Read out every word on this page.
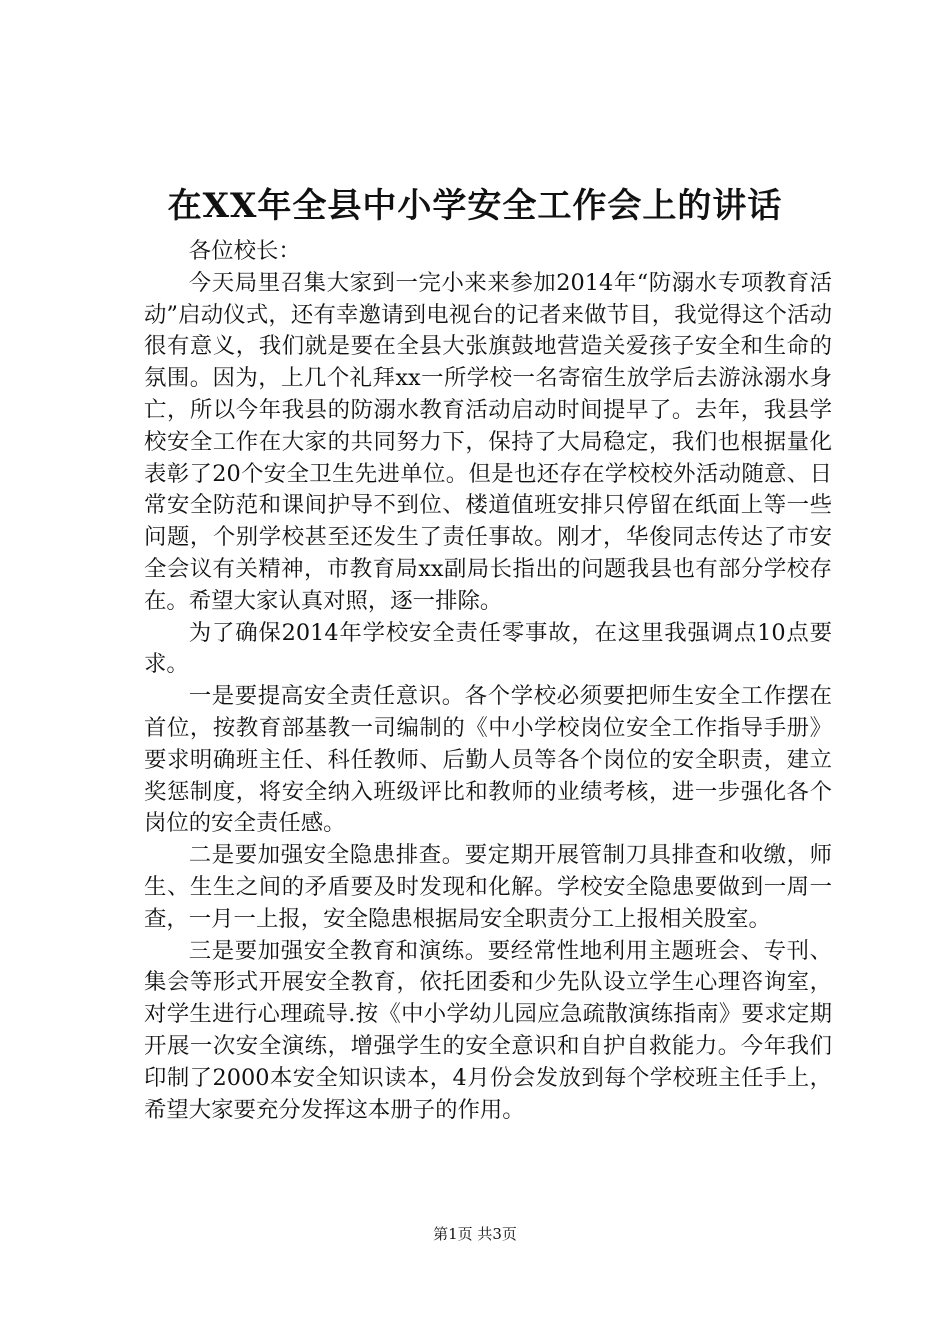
在XX年全县中小学安全工作会上的讲话

各位校长：

今天局里召集大家到一完小来来参加2014年“防溺水专项教育活动”启动仪式，还有幸邀请到电视台的记者来做节目，我觉得这个活动很有意义，我们就是要在全县大张旗鼓地营造关爱孩子安全和生命的氛围。因为，上几个礼拜xx一所学校一名寄宿生放学后去游泳溺水身亡，所以今年我县的防溺水教育活动启动时间提早了。去年，我县学校安全工作在大家的共同努力下，保持了大局稳定，我们也根据量化表彰了20个安全卫生先进单位。但是也还存在学校校外活动随意、日常安全防范和课间护导不到位、楼道值班安排只停留在纸面上等一些问题，个别学校甚至还发生了责任事故。刚才，华俊同志传达了市安全会议有关精神，市教育局xx副局长指出的问题我县也有部分学校存在。希望大家认真对照，逐一排除。

为了确保2014年学校安全责任零事故，在这里我强调点10点要求。

一是要提高安全责任意识。各个学校必须要把师生安全工作摆在首位，按教育部基教一司编制的《中小学校岗位安全工作指导手册》要求明确班主任、科任教师、后勤人员等各个岗位的安全职责，建立奖惩制度，将安全纳入班级评比和教师的业绩考核，进一步强化各个岗位的安全责任感。

二是要加强安全隐患排查。要定期开展管制刀具排查和收缴，师生、生生之间的矛盾要及时发现和化解。学校安全隐患要做到一周一查，一月一上报，安全隐患根据局安全职责分工上报相关股室。

三是要加强安全教育和演练。要经常性地利用主题班会、专刊、集会等形式开展安全教育，依托团委和少先队设立学生心理咨询室，对学生进行心理疏导.按《中小学幼儿园应急疏散演练指南》要求定期开展一次安全演练，增强学生的安全意识和自护自救能力。今年我们印制了2000本安全知识读本，4月份会发放到每个学校班主任手上，希望大家要充分发挥这本册子的作用。

第1页 共3页
